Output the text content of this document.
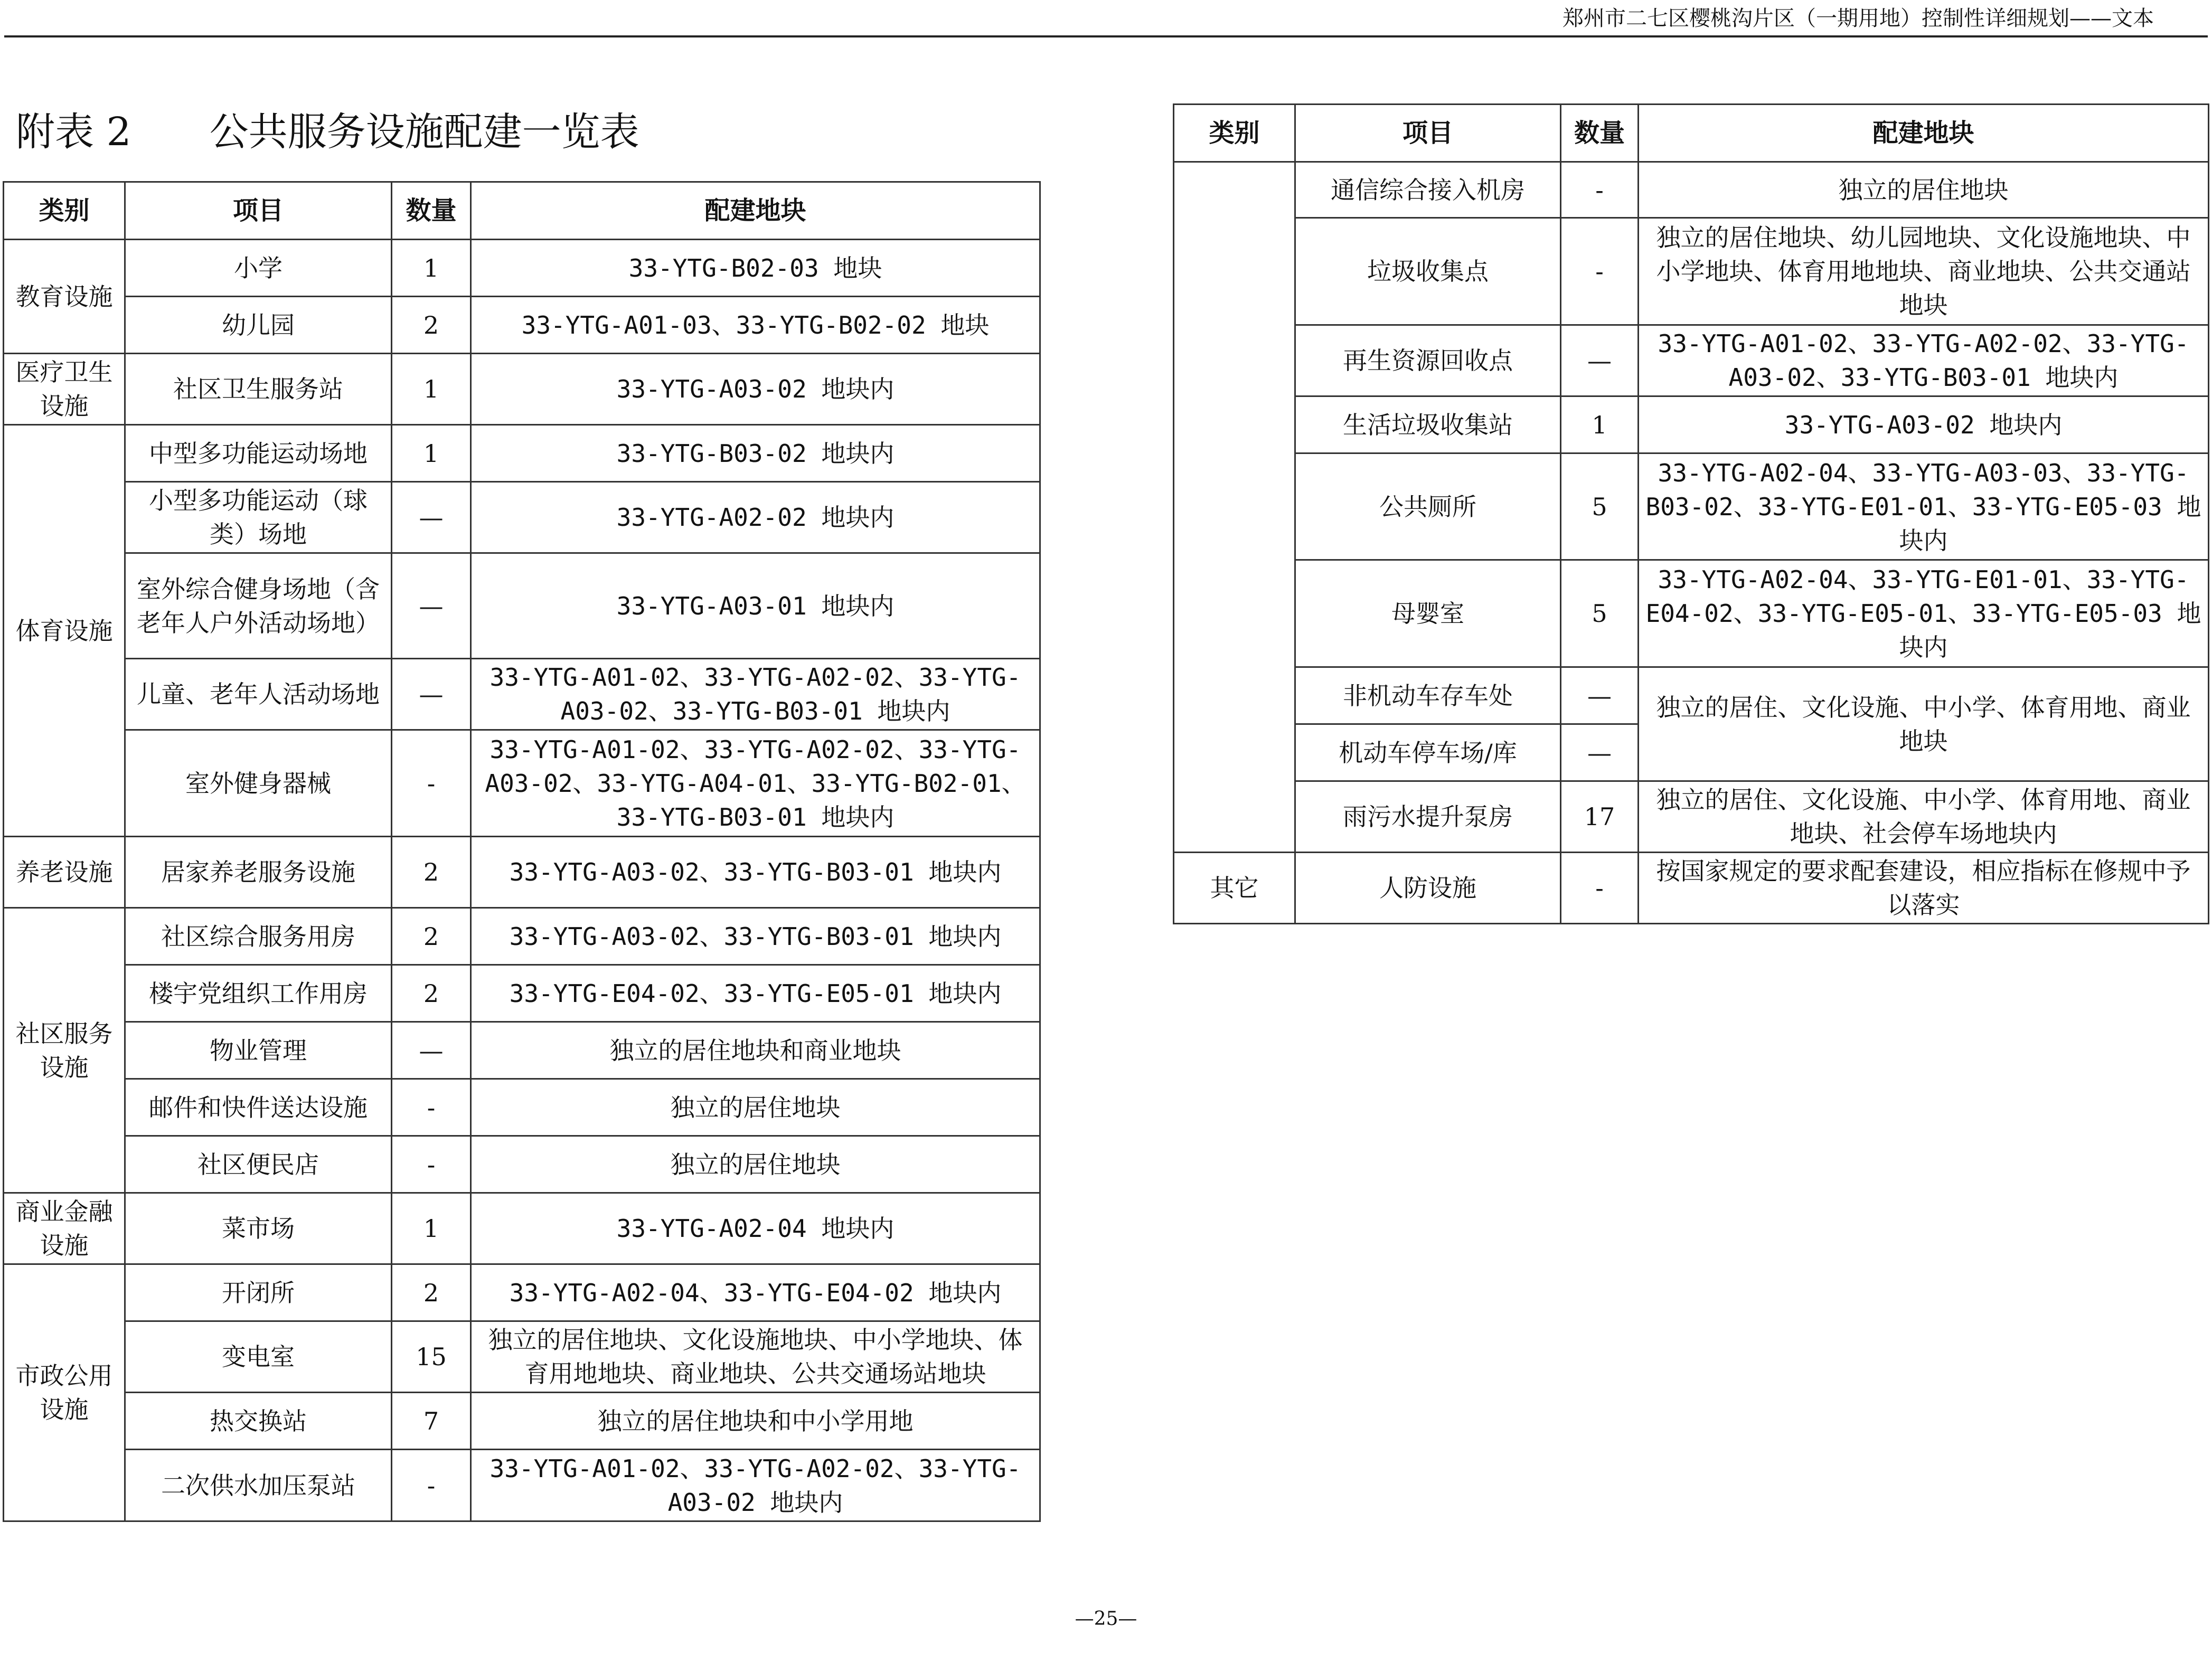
郑州市二七区樱桃沟片区（一期用地）控制性详细规划——文本
附表 2　　公共服务设施配建一览表
类别	项目	数量	配建地块
教育设施	小学	1	33-YTG-B02-03 地块
	幼儿园	2	33-YTG-A01-03、33-YTG-B02-02 地块
医疗卫生设施	社区卫生服务站	1	33-YTG-A03-02 地块内
体育设施	中型多功能运动场地	1	33-YTG-B03-02 地块内
	小型多功能运动（球类）场地	—	33-YTG-A02-02 地块内
	室外综合健身场地（含老年人户外活动场地）	—	33-YTG-A03-01 地块内
	儿童、老年人活动场地	—	33-YTG-A01-02、33-YTG-A02-02、33-YTG-A03-02、33-YTG-B03-01 地块内
	室外健身器械	-	33-YTG-A01-02、33-YTG-A02-02、33-YTG-A03-02、33-YTG-A04-01、33-YTG-B02-01、33-YTG-B03-01 地块内
养老设施	居家养老服务设施	2	33-YTG-A03-02、33-YTG-B03-01 地块内
社区服务设施	社区综合服务用房	2	33-YTG-A03-02、33-YTG-B03-01 地块内
	楼宇党组织工作用房	2	33-YTG-E04-02、33-YTG-E05-01 地块内
	物业管理	—	独立的居住地块和商业地块
	邮件和快件送达设施	-	独立的居住地块
	社区便民店	-	独立的居住地块
商业金融设施	菜市场	1	33-YTG-A02-04 地块内
市政公用设施	开闭所	2	33-YTG-A02-04、33-YTG-E04-02 地块内
	变电室	15	独立的居住地块、文化设施地块、中小学地块、体育用地地块、商业地块、公共交通场站地块
	热交换站	7	独立的居住地块和中小学用地
	二次供水加压泵站	-	33-YTG-A01-02、33-YTG-A02-02、33-YTG-A03-02 地块内
类别	项目	数量	配建地块
	通信综合接入机房	-	独立的居住地块
	垃圾收集点	-	独立的居住地块、幼儿园地块、文化设施地块、中小学地块、体育用地地块、商业地块、公共交通站地块
	再生资源回收点	—	33-YTG-A01-02、33-YTG-A02-02、33-YTG-A03-02、33-YTG-B03-01 地块内
	生活垃圾收集站	1	33-YTG-A03-02 地块内
	公共厕所	5	33-YTG-A02-04、33-YTG-A03-03、33-YTG-B03-02、33-YTG-E01-01、33-YTG-E05-03 地块内
	母婴室	5	33-YTG-A02-04、33-YTG-E01-01、33-YTG-E04-02、33-YTG-E05-01、33-YTG-E05-03 地块内
	非机动车存车处	—	独立的居住、文化设施、中小学、体育用地、商业地块
	机动车停车场/库	—	
	雨污水提升泵房	17	独立的居住、文化设施、中小学、体育用地、商业地块、社会停车场地块内
其它	人防设施	-	按国家规定的要求配套建设，相应指标在修规中予以落实
—25—
